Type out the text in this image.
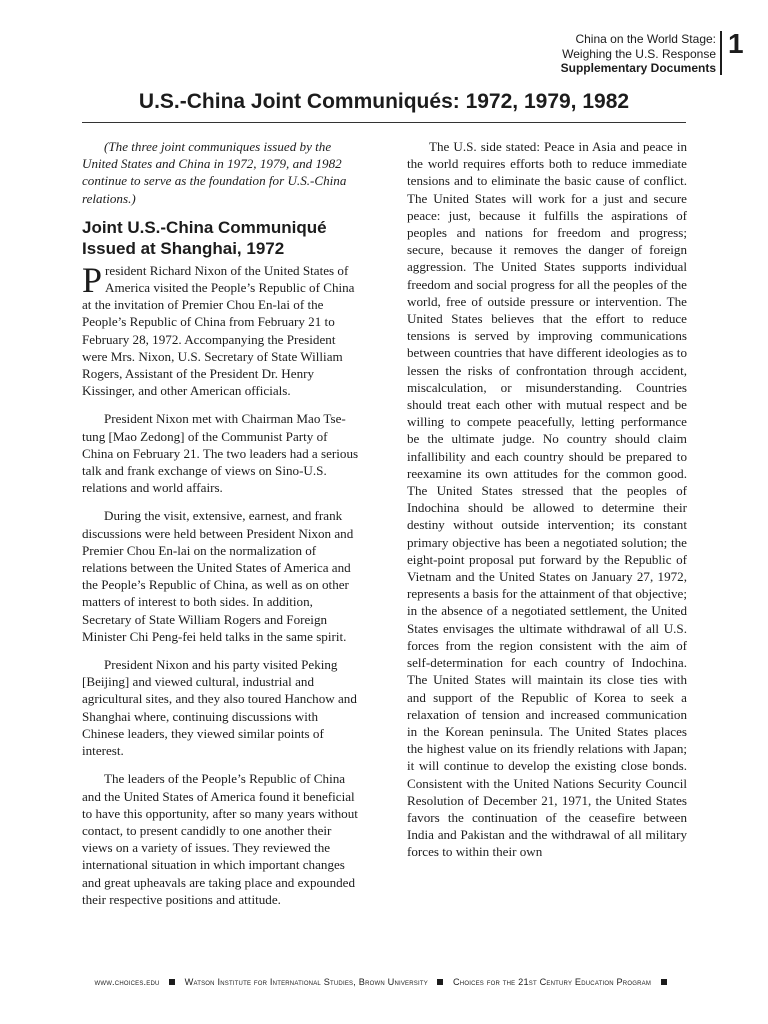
China on the World Stage:
Weighing the U.S. Response
Supplementary Documents
1
U.S.-China Joint Communiqués: 1972, 1979, 1982

(The three joint communiques issued by the United States and China in 1972, 1979, and 1982 continue to serve as the foundation for U.S.-China relations.)

Joint U.S.-China Communiqué Issued at Shanghai, 1972

President Richard Nixon of the United States of America visited the People’s Republic of China at the invitation of Premier Chou En-lai of the People’s Republic of China from February 21 to February 28, 1972. Accompanying the President were Mrs. Nixon, U.S. Secretary of State William Rogers, Assistant of the President Dr. Henry Kissinger, and other American officials.

President Nixon met with Chairman Mao Tse-tung [Mao Zedong] of the Communist Party of China on February 21. The two leaders had a serious talk and frank exchange of views on Sino-U.S. relations and world affairs.

During the visit, extensive, earnest, and frank discussions were held between President Nixon and Premier Chou En-lai on the normalization of relations between the United States of America and the People’s Republic of China, as well as on other matters of interest to both sides. In addition, Secretary of State William Rogers and Foreign Minister Chi Peng-fei held talks in the same spirit.

President Nixon and his party visited Peking [Beijing] and viewed cultural, industrial and agricultural sites, and they also toured Hanchow and Shanghai where, continuing discussions with Chinese leaders, they viewed similar points of interest.

The leaders of the People’s Republic of China and the United States of America found it beneficial to have this opportunity, after so many years without contact, to present candidly to one another their views on a variety of issues. They reviewed the international situation in which important changes and great upheavals are taking place and expounded their respective positions and attitude.

The U.S. side stated: Peace in Asia and peace in the world requires efforts both to reduce immediate tensions and to eliminate the basic cause of conflict. The United States will work for a just and secure peace: just, because it fulfills the aspirations of peoples and nations for freedom and progress; secure, because it removes the danger of foreign aggression. The United States supports individual freedom and social progress for all the peoples of the world, free of outside pressure or intervention. The United States believes that the effort to reduce tensions is served by improving communications between countries that have different ideologies as to lessen the risks of confrontation through accident, miscalculation, or misunderstanding. Countries should treat each other with mutual respect and be willing to compete peacefully, letting performance be the ultimate judge. No country should claim infallibility and each country should be prepared to reexamine its own attitudes for the common good. The United States stressed that the peoples of Indochina should be allowed to determine their destiny without outside intervention; its constant primary objective has been a negotiated solution; the eight-point proposal put forward by the Republic of Vietnam and the United States on January 27, 1972, represents a basis for the attainment of that objective; in the absence of a negotiated settlement, the United States envisages the ultimate withdrawal of all U.S. forces from the region consistent with the aim of self-determination for each country of Indochina. The United States will maintain its close ties with and support of the Republic of Korea to seek a relaxation of tension and increased communication in the Korean peninsula. The United States places the highest value on its friendly relations with Japan; it will continue to develop the existing close bonds. Consistent with the United Nations Security Council Resolution of December 21, 1971, the United States favors the continuation of the ceasefire between India and Pakistan and the withdrawal of all military forces to within their own

www.choices.edu	Watson Institute for International Studies, Brown University	Choices for the 21st Century Education Program
